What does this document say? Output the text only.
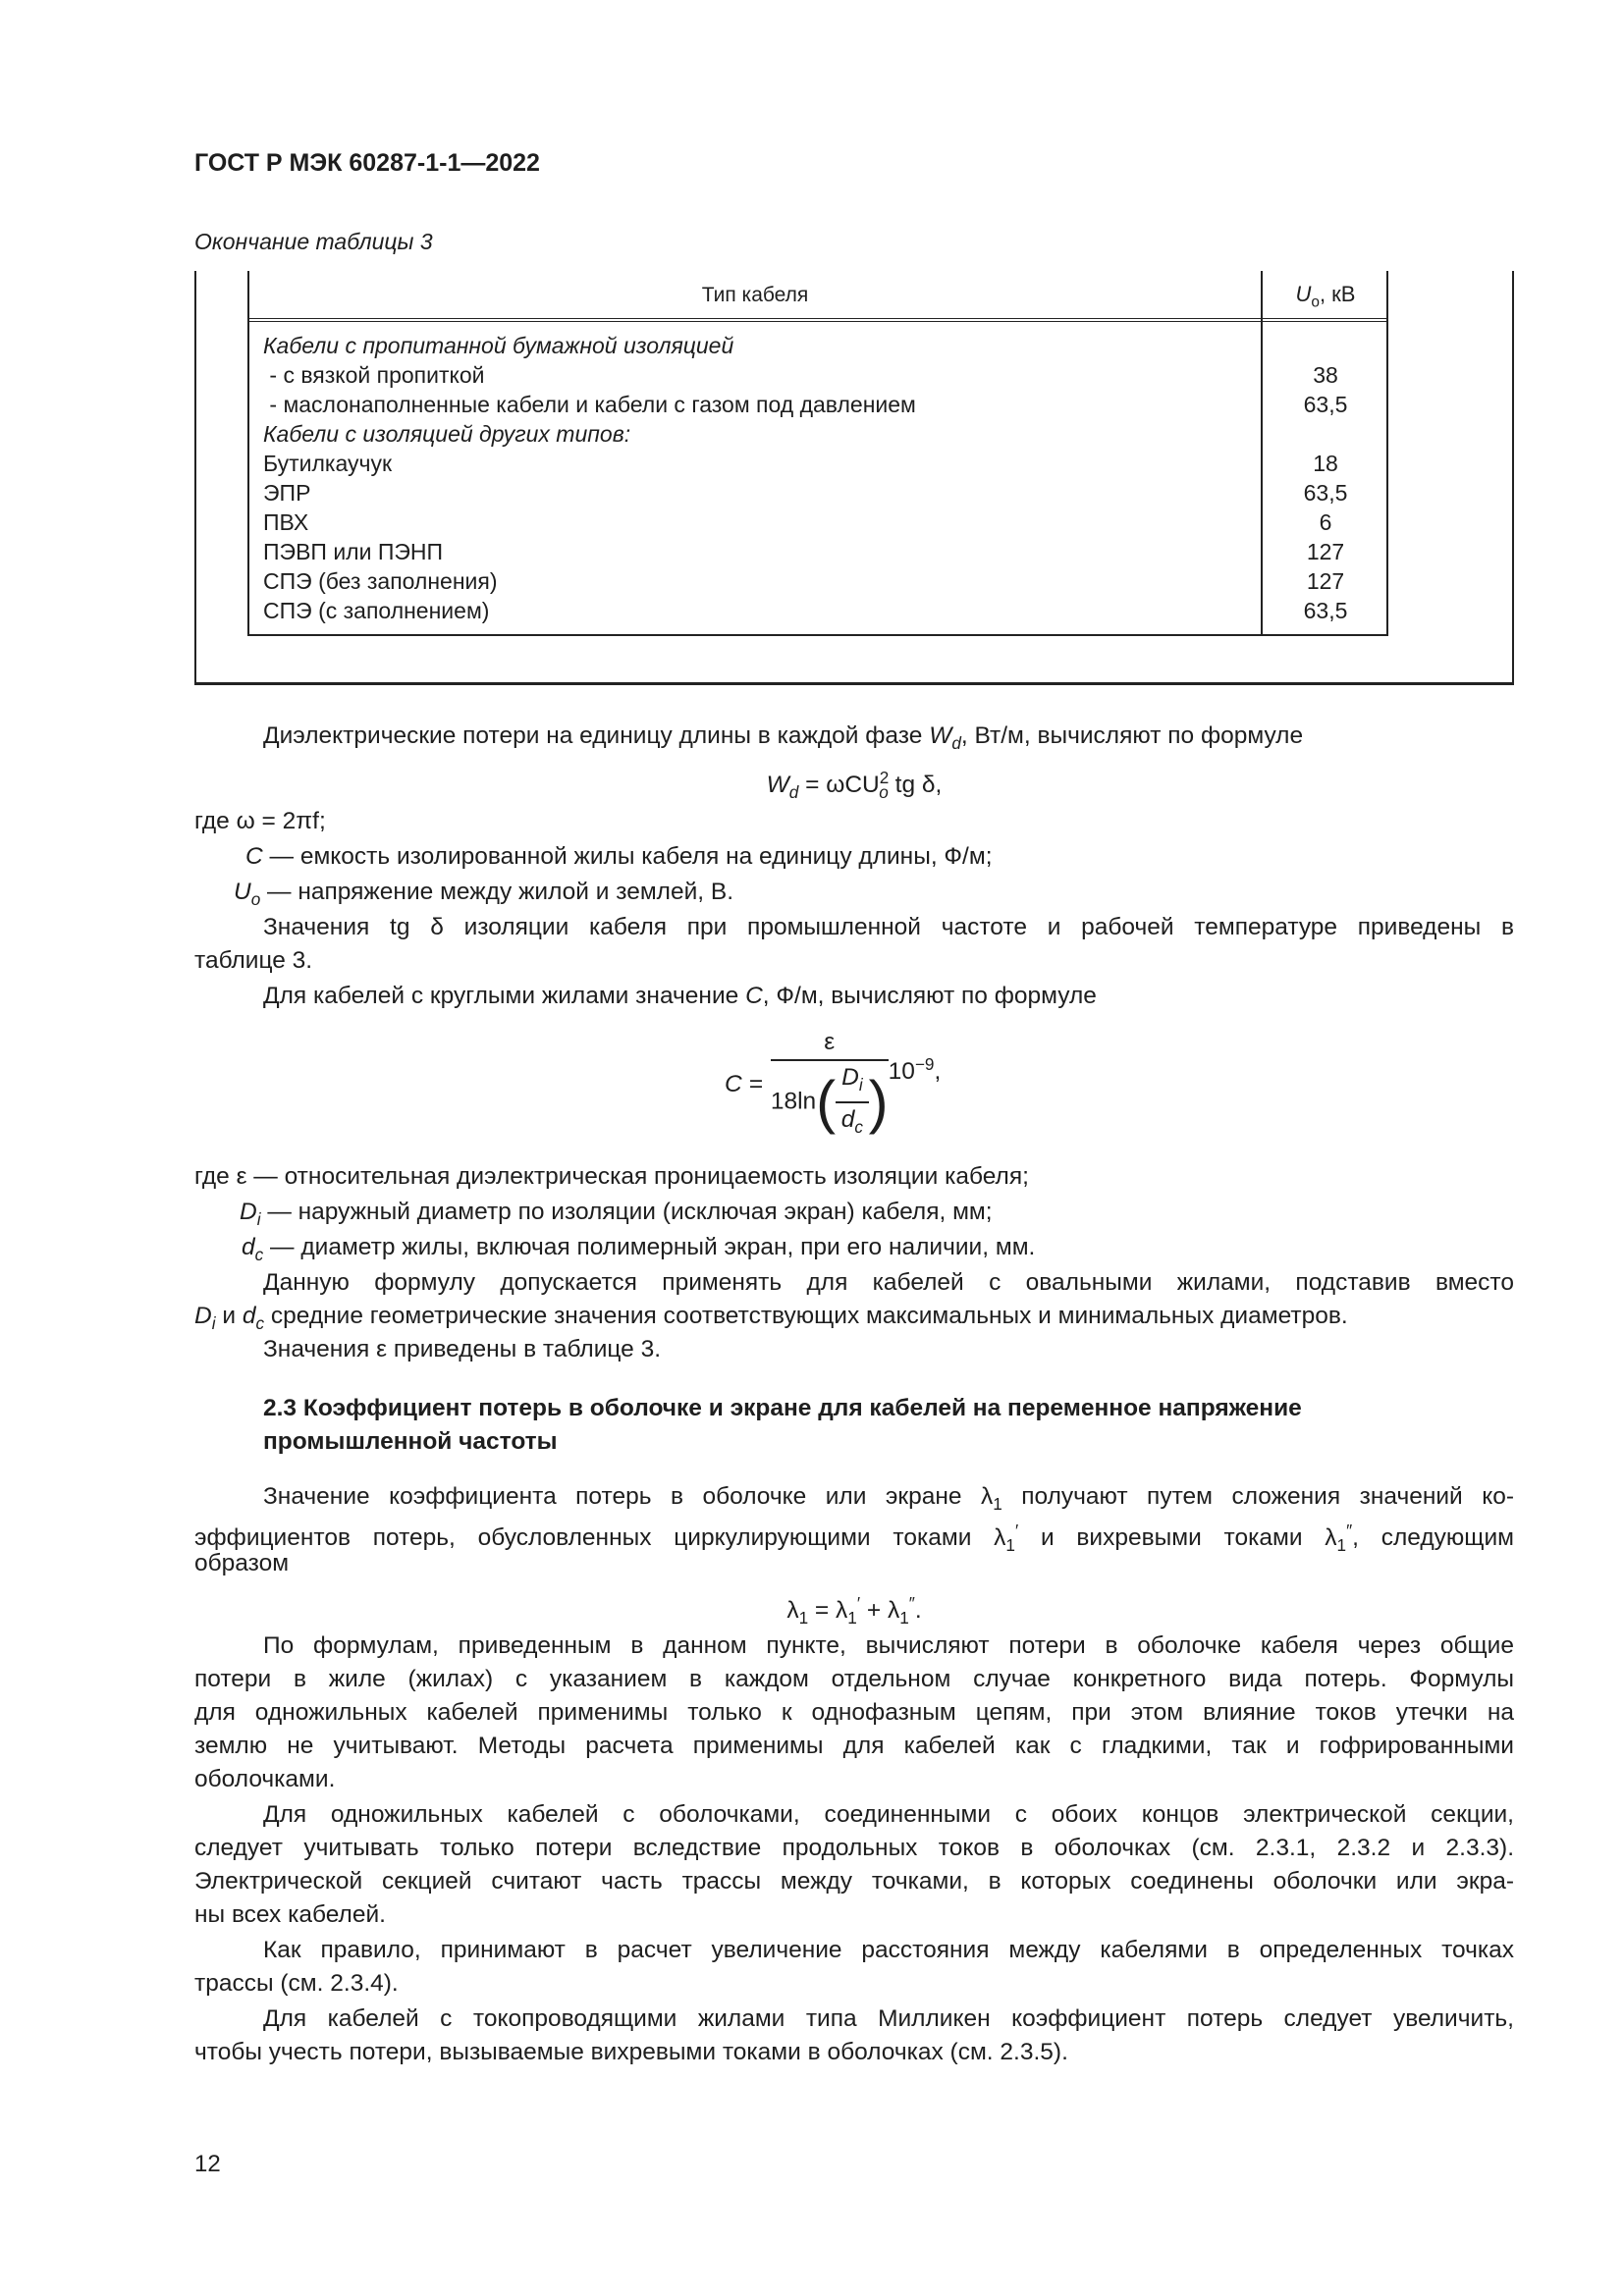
ГОСТ Р МЭК 60287-1-1—2022
Окончание таблицы 3
Тип кабеля	$U_o$, кВ
Кабели с пропитанной бумажной изоляцией
- с вязкой пропиткой	38
- маслонаполненные кабели и кабели с газом под давлением	63,5
Кабели с изоляцией других типов:
Бутилкаучук	18
ЭПР	63,5
ПВХ	6
ПЭВП или ПЭНП	127
СПЭ (без заполнения)	127
СПЭ (с заполнением)	63,5
Диэлектрические потери на единицу длины в каждой фазе $W_d$, Вт/м, вычисляют по формуле
$W_d = \omega CU^2_o$ tg δ,
где ω = 2πf;
C — емкость изолированной жилы кабеля на единицу длины, Ф/м;
$U_o$ — напряжение между жилой и землей, В.
Значения tg δ изоляции кабеля при промышленной частоте и рабочей температуре приведены в
таблице 3.
Для кабелей с круглыми жилами значение C, Ф/м, вычисляют по формуле
$C = \frac{\varepsilon}{18\ln( \frac{D_i}{d_c} )} 10^{-9}$,
где ε — относительная диэлектрическая проницаемость изоляции кабеля;
$D_i$ — наружный диаметр по изоляции (исключая экран) кабеля, мм;
$d_c$ — диаметр жилы, включая полимерный экран, при его наличии, мм.
Данную формулу допускается применять для кабелей с овальными жилами, подставив вместо
$D_i$ и $d_c$ средние геометрические значения соответствующих максимальных и минимальных диаметров.
Значения ε приведены в таблице 3.
2.3 Коэффициент потерь в оболочке и экране для кабелей на переменное напряжение
промышленной частоты
Значение коэффициента потерь в оболочке или экране $\lambda_1$ получают путем сложения значений ко-
эффициентов потерь, обусловленных циркулирующими токами $\lambda_1'$ и вихревыми токами $\lambda_1''$, следующим
образом
$\lambda_1 = \lambda_1' + \lambda_1''$.
По формулам, приведенным в данном пункте, вычисляют потери в оболочке кабеля через общие
потери в жиле (жилах) с указанием в каждом отдельном случае конкретного вида потерь. Формулы
для одножильных кабелей применимы только к однофазным цепям, при этом влияние токов утечки на
землю не учитывают. Методы расчета применимы для кабелей как с гладкими, так и гофрированными
оболочками.
Для одножильных кабелей с оболочками, соединенными с обоих концов электрической секции,
следует учитывать только потери вследствие продольных токов в оболочках (см. 2.3.1, 2.3.2 и 2.3.3).
Электрической секцией считают часть трассы между точками, в которых соединены оболочки или экра-
ны всех кабелей.
Как правило, принимают в расчет увеличение расстояния между кабелями в определенных точках
трассы (см. 2.3.4).
Для кабелей с токопроводящими жилами типа Милликен коэффициент потерь следует увеличить,
чтобы учесть потери, вызываемые вихревыми токами в оболочках (см. 2.3.5).
12
